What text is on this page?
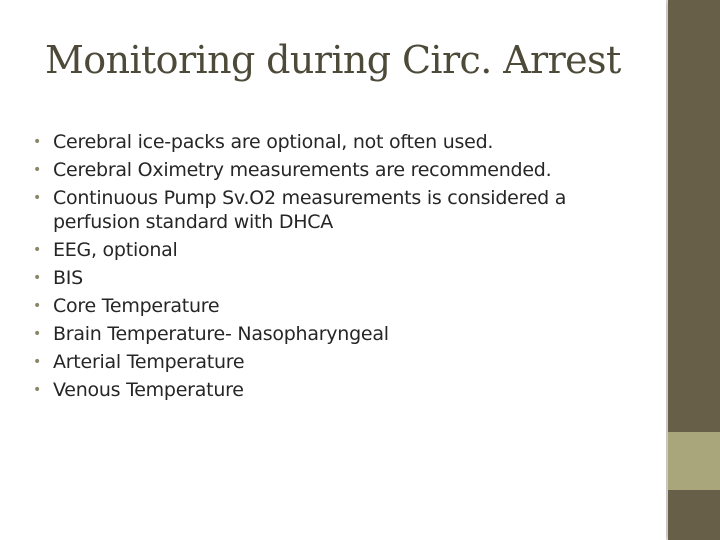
Monitoring during Circ. Arrest
• Cerebral ice-packs are optional, not often used.
• Cerebral Oximetry measurements are recommended.
• Continuous Pump Sv.O2 measurements is considered a perfusion standard with DHCA
• EEG, optional
• BIS
• Core Temperature
• Brain Temperature- Nasopharyngeal
• Arterial Temperature
• Venous Temperature
